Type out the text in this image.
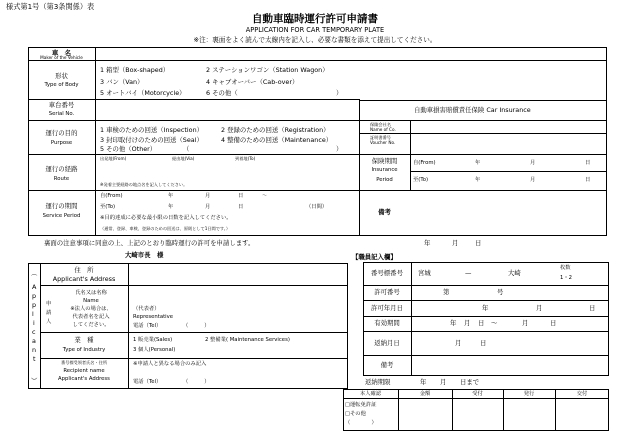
様式第1号（第3条関係）表
自動車臨時運行許可申請書
APPLICATION FOR CAR TEMPORARY PLATE
※注：裏面をよく読んで太線内を記入し、必要な書類を添えて提出してください。
車　名
Maker of the Vehicle
形状
Type of Body
1 箱型（Box-shaped）	2 ステーションワゴン（Station Wagon）
3 バン（Van）	4 キャブオーバー（Cab-over）
5 オートバイ（Motorcycle）	6 その他（	）
車台番号
Serial No.	自動車損害賠償責任保険 Car Insurance
運行の目的
Purpose
1 車検のための回送（Inspection）	2 登録のための回送（Registration）
3 封印取付けのための回送（Seal）	4 整備のための回送（Maintenance）
5 その他（Other）	（	）
保険会社名
Name of Co.
証明書番号
Voucher No.
保険期間
Insurance
Period
自(From)	年	月	日
至(To)	年	月	日
運行の経路
Route
出発地(From)	経由地(Via)	到着地(To)
※発着主要経路の地点名を記入してください。
備考
運行の期間
Service Period
自(From)	年	月	日	～
至(To)	年	月	日	（日間）
※目的達成に必要な最小限の日数を記入してください。
（通常、登録、車検、登録のための回送は、原則として1日間です。）
裏面の注意事項に同意の上、上記のとおり臨時運行の許可を申請します。	年	月	日
大崎市長　様
︵
︶
A
p
p
l
i
c
a
n
t
申
請
人
住　所
Applicant's Address
氏名又は名称
Name
※法人の場合は、
代表者名を記入
してください。
（代表者）
Representative
電話（Tel）	（　　　）
業　種
Type of Industry
1 販売業(Sales)	2 整備業( Maintenance Services)
3 個人(Personal)
番号標受領者氏名・住所
Recipient name
Applicant's Address
※申請人と異なる場合のみ記入
電話（Tel）	（　　　）
【職員記入欄】
番号標番号	宮城	—	大崎
枚数
1・2
許可番号	第	号
許可年月日	年	月	日
有効期間	年 月 日 ～	月	日
返納月日	月	日
備考
返納期限	年 月 日まで
本人確認	金額	受付	発行	交付
□運転免許証
□その他
（　　　　）
